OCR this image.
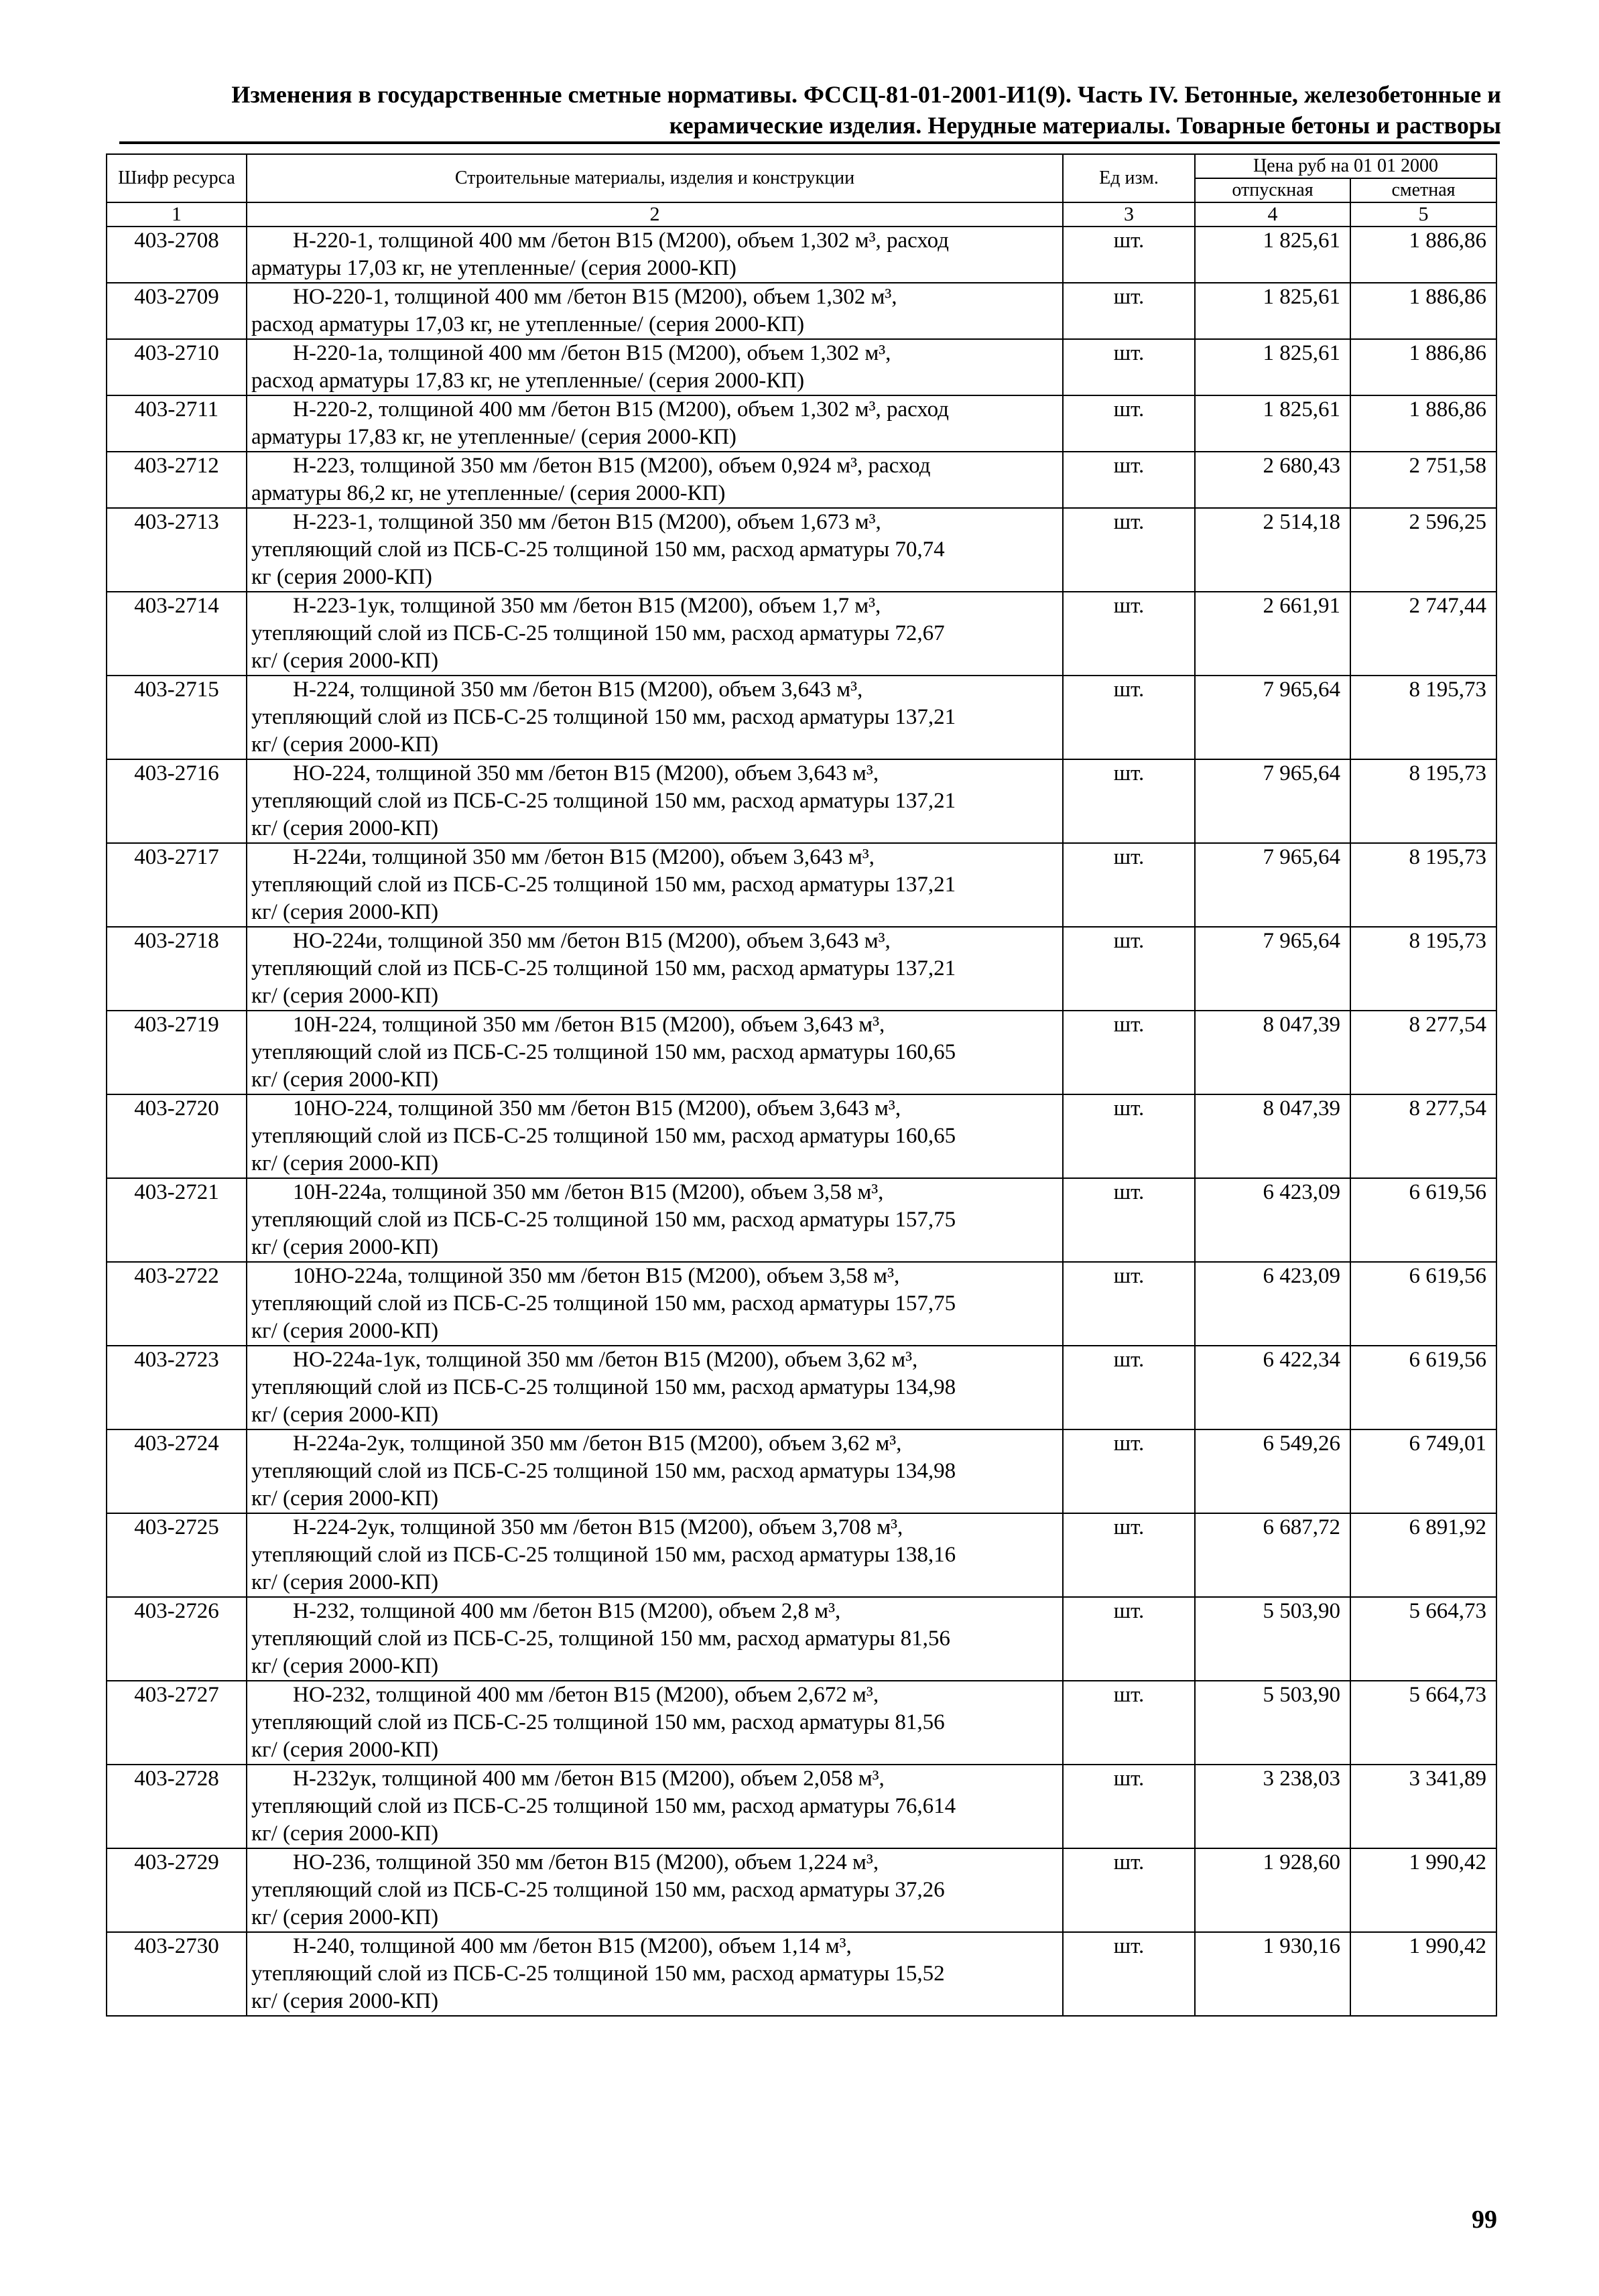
Изменения в государственные сметные нормативы. ФССЦ-81-01-2001-И1(9). Часть IV. Бетонные, железобетонные и
керамические изделия. Нерудные материалы. Товарные бетоны и растворы
Шифр ресурса	Строительные материалы, изделия и конструкции	Ед изм.	Цена руб на 01 01 2000	
			отпускная	сметная
1	2	3	4	5
403-2708	Н-220-1, толщиной 400 мм /бетон В15 (М200), объем 1,302 м³, расход
арматуры 17,03 кг, не утепленные/ (серия 2000-КП)	шт.	1 825,61	1 886,86
403-2709	НО-220-1, толщиной 400 мм /бетон В15 (М200), объем 1,302 м³,
расход арматуры 17,03 кг, не утепленные/ (серия 2000-КП)	шт.	1 825,61	1 886,86
403-2710	Н-220-1а, толщиной 400 мм /бетон В15 (М200), объем 1,302 м³,
расход арматуры 17,83 кг, не утепленные/ (серия 2000-КП)	шт.	1 825,61	1 886,86
403-2711	Н-220-2, толщиной 400 мм /бетон В15 (М200), объем 1,302 м³, расход
арматуры 17,83 кг, не утепленные/ (серия 2000-КП)	шт.	1 825,61	1 886,86
403-2712	Н-223, толщиной 350 мм /бетон В15 (М200), объем 0,924 м³, расход
арматуры 86,2 кг, не утепленные/ (серия 2000-КП)	шт.	2 680,43	2 751,58
403-2713	Н-223-1, толщиной 350 мм /бетон В15 (М200), объем 1,673 м³,
утепляющий слой из ПСБ-С-25 толщиной 150 мм, расход арматуры 70,74
кг (серия 2000-КП)	шт.	2 514,18	2 596,25
403-2714	Н-223-1ук, толщиной 350 мм /бетон В15 (М200), объем 1,7 м³,
утепляющий слой из ПСБ-С-25 толщиной 150 мм, расход арматуры 72,67
кг/ (серия 2000-КП)	шт.	2 661,91	2 747,44
403-2715	Н-224, толщиной 350 мм /бетон В15 (М200), объем 3,643 м³,
утепляющий слой из ПСБ-С-25 толщиной 150 мм, расход арматуры 137,21
кг/ (серия 2000-КП)	шт.	7 965,64	8 195,73
403-2716	НО-224, толщиной 350 мм /бетон В15 (М200), объем 3,643 м³,
утепляющий слой из ПСБ-С-25 толщиной 150 мм, расход арматуры 137,21
кг/ (серия 2000-КП)	шт.	7 965,64	8 195,73
403-2717	Н-224и, толщиной 350 мм /бетон В15 (М200), объем 3,643 м³,
утепляющий слой из ПСБ-С-25 толщиной 150 мм, расход арматуры 137,21
кг/ (серия 2000-КП)	шт.	7 965,64	8 195,73
403-2718	НО-224и, толщиной 350 мм /бетон В15 (М200), объем 3,643 м³,
утепляющий слой из ПСБ-С-25 толщиной 150 мм, расход арматуры 137,21
кг/ (серия 2000-КП)	шт.	7 965,64	8 195,73
403-2719	10Н-224, толщиной 350 мм /бетон В15 (М200), объем 3,643 м³,
утепляющий слой из ПСБ-С-25 толщиной 150 мм, расход арматуры 160,65
кг/ (серия 2000-КП)	шт.	8 047,39	8 277,54
403-2720	10НО-224, толщиной 350 мм /бетон В15 (М200), объем 3,643 м³,
утепляющий слой из ПСБ-С-25 толщиной 150 мм, расход арматуры 160,65
кг/ (серия 2000-КП)	шт.	8 047,39	8 277,54
403-2721	10Н-224а, толщиной 350 мм /бетон В15 (М200), объем 3,58 м³,
утепляющий слой из ПСБ-С-25 толщиной 150 мм, расход арматуры 157,75
кг/ (серия 2000-КП)	шт.	6 423,09	6 619,56
403-2722	10НО-224а, толщиной 350 мм /бетон В15 (М200), объем 3,58 м³,
утепляющий слой из ПСБ-С-25 толщиной 150 мм, расход арматуры 157,75
кг/ (серия 2000-КП)	шт.	6 423,09	6 619,56
403-2723	НО-224а-1ук, толщиной 350 мм /бетон В15 (М200), объем 3,62 м³,
утепляющий слой из ПСБ-С-25 толщиной 150 мм, расход арматуры 134,98
кг/ (серия 2000-КП)	шт.	6 422,34	6 619,56
403-2724	Н-224а-2ук, толщиной 350 мм /бетон В15 (М200), объем 3,62 м³,
утепляющий слой из ПСБ-С-25 толщиной 150 мм, расход арматуры 134,98
кг/ (серия 2000-КП)	шт.	6 549,26	6 749,01
403-2725	Н-224-2ук, толщиной 350 мм /бетон В15 (М200), объем 3,708 м³,
утепляющий слой из ПСБ-С-25 толщиной 150 мм, расход арматуры 138,16
кг/ (серия 2000-КП)	шт.	6 687,72	6 891,92
403-2726	Н-232, толщиной 400 мм /бетон В15 (М200), объем 2,8 м³,
утепляющий слой из ПСБ-С-25, толщиной 150 мм, расход арматуры 81,56
кг/ (серия 2000-КП)	шт.	5 503,90	5 664,73
403-2727	НО-232, толщиной 400 мм /бетон В15 (М200), объем 2,672 м³,
утепляющий слой из ПСБ-С-25 толщиной 150 мм, расход арматуры 81,56
кг/ (серия 2000-КП)	шт.	5 503,90	5 664,73
403-2728	Н-232ук, толщиной 400 мм /бетон В15 (М200), объем 2,058 м³,
утепляющий слой из ПСБ-С-25 толщиной 150 мм, расход арматуры 76,614
кг/ (серия 2000-КП)	шт.	3 238,03	3 341,89
403-2729	НО-236, толщиной 350 мм /бетон В15 (М200), объем 1,224 м³,
утепляющий слой из ПСБ-С-25 толщиной 150 мм, расход арматуры 37,26
кг/ (серия 2000-КП)	шт.	1 928,60	1 990,42
403-2730	Н-240, толщиной 400 мм /бетон В15 (М200), объем 1,14 м³,
утепляющий слой из ПСБ-С-25 толщиной 150 мм, расход арматуры 15,52
кг/ (серия 2000-КП)	шт.	1 930,16	1 990,42
99
